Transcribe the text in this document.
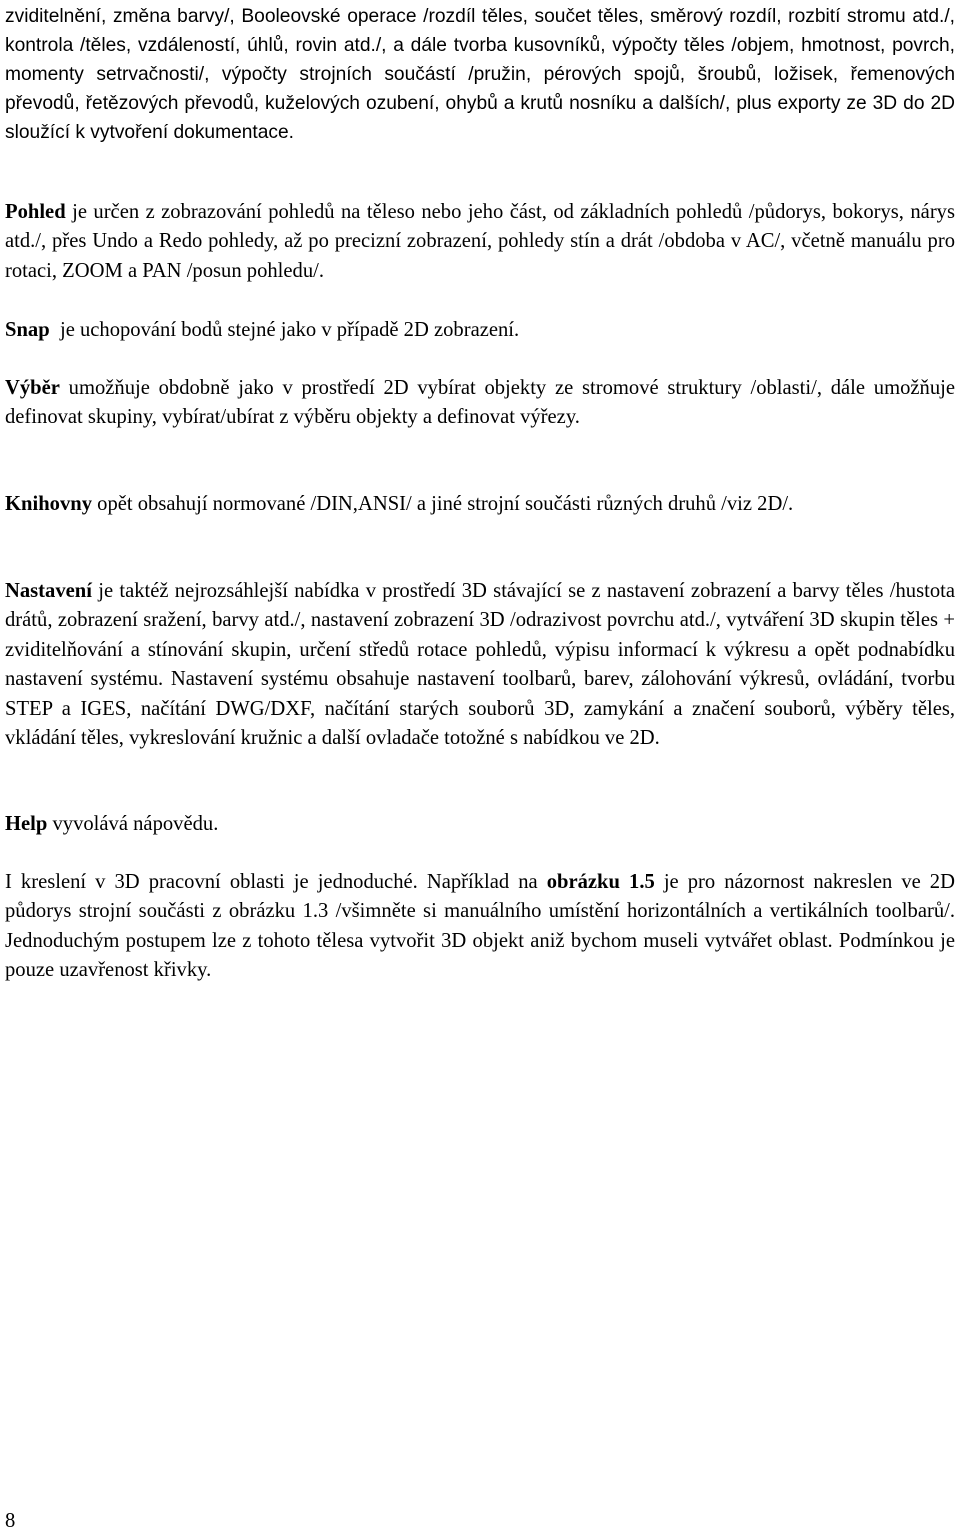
zviditelnění, změna barvy/, Booleovské operace /rozdíl těles, součet těles, směrový rozdíl, rozbití stromu atd./, kontrola /těles, vzdáleností, úhlů, rovin atd./, a dále tvorba kusovníků, výpočty těles /objem, hmotnost, povrch, momenty setrvačnosti/, výpočty strojních součástí /pružin, pérových spojů, šroubů, ložisek, řemenových převodů, řetězových převodů, kuželových ozubení, ohybů a krutů nosníku a dalších/, plus exporty ze 3D do 2D sloužící k vytvoření dokumentace.

Pohled je určen z zobrazování pohledů na těleso nebo jeho část, od základních pohledů /půdorys, bokorys, nárys atd./, přes Undo a Redo pohledy, až po precizní zobrazení, pohledy stín a drát /obdoba v AC/, včetně manuálu pro rotaci, ZOOM a PAN /posun pohledu/.

Snap  je uchopování bodů stejné jako v případě 2D zobrazení.

Výběr umožňuje obdobně jako v prostředí 2D vybírat objekty ze stromové struktury /oblasti/, dále umožňuje definovat skupiny, vybírat/ubírat z výběru objekty a definovat výřezy.

Knihovny opět obsahují normované /DIN,ANSI/ a jiné strojní součásti různých druhů /viz 2D/.

Nastavení je taktéž nejrozsáhlejší nabídka v prostředí 3D stávající se z nastavení zobrazení a barvy těles /hustota drátů, zobrazení sražení, barvy atd./, nastavení zobrazení 3D /odrazivost povrchu atd./, vytváření 3D skupin těles + zviditelňování a stínování skupin, určení středů rotace pohledů, výpisu informací k výkresu a opět podnabídku nastavení systému. Nastavení systému obsahuje nastavení toolbarů, barev, zálohování výkresů, ovládání, tvorbu STEP a IGES, načítání DWG/DXF, načítání starých souborů 3D, zamykání a značení souborů, výběry těles, vkládání těles, vykreslování kružnic a další ovladače totožné s nabídkou ve 2D.

Help vyvolává nápovědu.

I kreslení v 3D pracovní oblasti je jednoduché. Například na obrázku 1.5 je pro názornost nakreslen ve 2D půdorys strojní součásti z obrázku 1.3 /všimněte si manuálního umístění horizontálních a vertikálních toolbarů/. Jednoduchým postupem lze z tohoto tělesa vytvořit 3D objekt aniž bychom museli vytvářet oblast. Podmínkou je pouze uzavřenost křivky.

8
